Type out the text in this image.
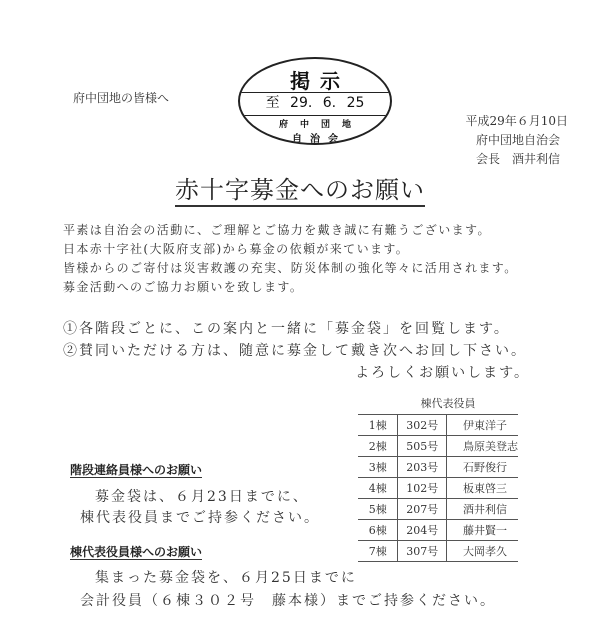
府中団地の皆様へ
掲示
至 29. 6. 25
府中団地
自治会
平成29年６月10日
府中団地自治会
会長　酒井利信
赤十字募金へのお願い
平素は自治会の活動に、ご理解とご協力を戴き誠に有難うございます。
日本赤十字社(大阪府支部)から募金の依頼が来ています。
皆様からのご寄付は災害救護の充実、防災体制の強化等々に活用されます。
募金活動へのご協力お願いを致します。
①各階段ごとに、この案内と一緒に「募金袋」を回覧します。
②賛同いただける方は、随意に募金して戴き次へお回し下さい。
よろしくお願いします。
棟代表役員
1棟	302号	伊東洋子
2棟	505号	鳥原美登志
3棟	203号	石野俊行
4棟	102号	板東啓三
5棟	207号	酒井利信
6棟	204号	藤井賢一
7棟	307号	大岡孝久
階段連絡員様へのお願い
募金袋は、６月23日までに、
棟代表役員までご持参ください。
棟代表役員様へのお願い
集まった募金袋を、６月25日までに
会計役員（６棟３０２号　藤本様）までご持参ください。
